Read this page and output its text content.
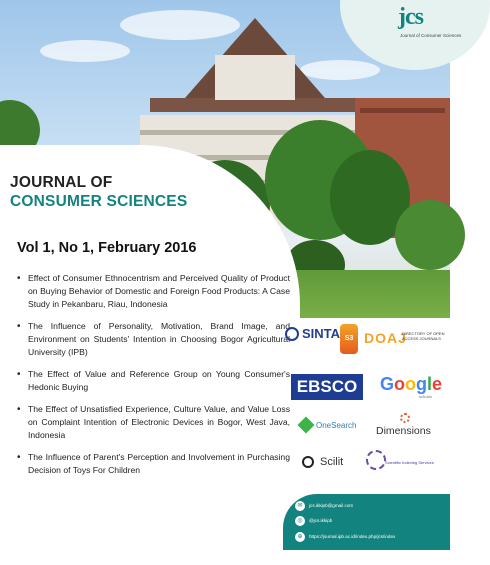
jcs
Journal of Consumer Sciences
JOURNAL OF
CONSUMER SCIENCES
Vol 1, No 1, February 2016
• Effect of Consumer Ethnocentrism and Perceived Quality of Product on Buying Behavior of Domestic and Foreign Food Products: A Case Study in Pekanbaru, Riau, Indonesia
• The Influence of Personality, Motivation, Brand Image, and Environment on Students' Intention in Choosing Bogor Agricultural University (IPB)
• The Effect of Value and Reference Group on Young Consumer's Hedonic Buying
• The Effect of Unsatisfied Experience, Culture Value, and Value Loss on Complaint Intention of Electronic Devices in Bogor, West Java, Indonesia
• The Influence of Parent's Perception and Involvement in Purchasing Decision of Toys For Children
SINTA S3 DOAJ
DIRECTORY OF OPEN ACCESS JOURNALS
EBSCO	Google
scholar
OneSearch Dimensions
Scilit	Scientific Indexing Services
✉ jcs.ikkipb@gmail.com
◎ @jcs.ikkipb
⊕ https://journal.ipb.ac.id/index.php/jcs/index
